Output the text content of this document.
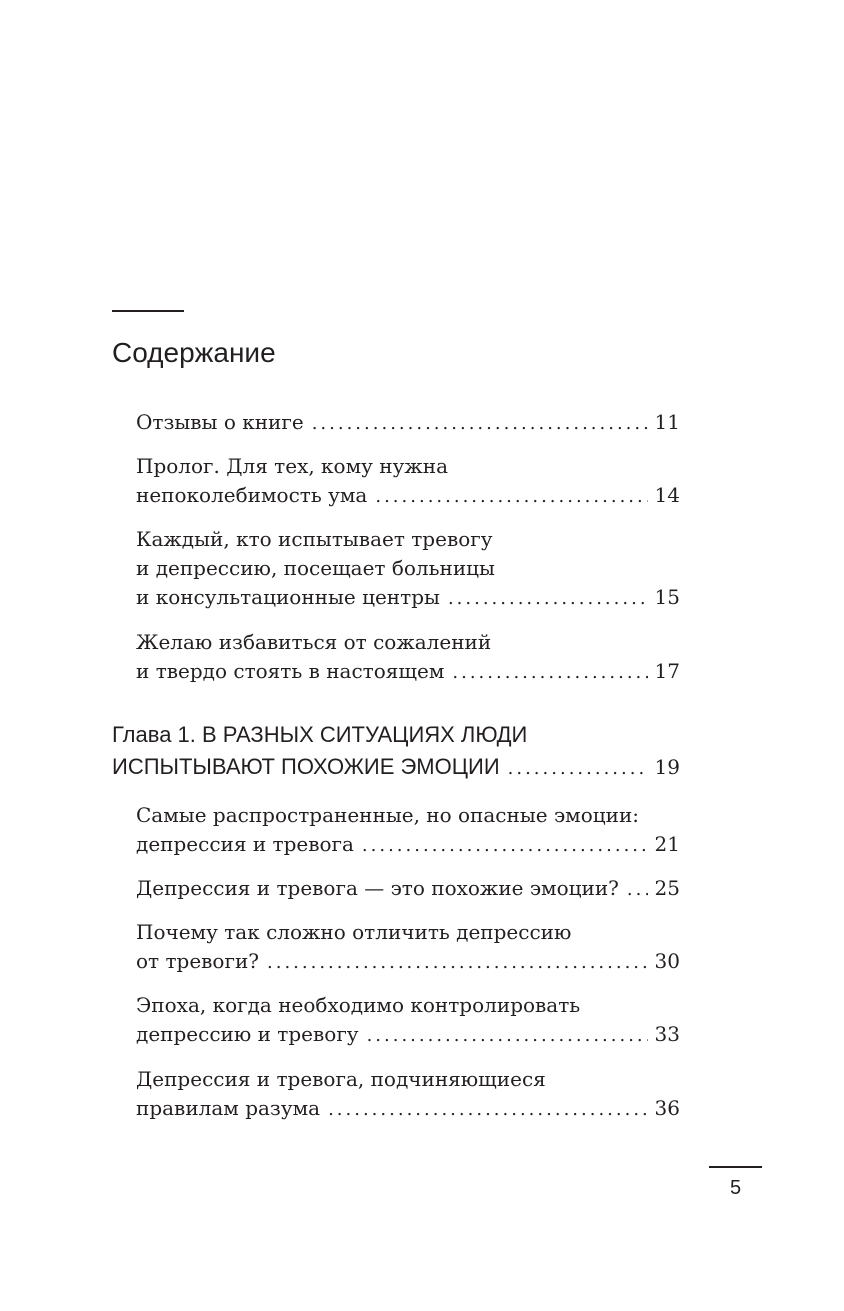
Содержание
Отзывы о книге .....	11
Пролог. Для тех, кому нужна
непоколебимость ума .....	14
Каждый, кто испытывает тревогу
и депрессию, посещает больницы
и консультационные центры .....	15
Желаю избавиться от сожалений
и твердо стоять в настоящем .....	17
Глава 1. В РАЗНЫХ СИТУАЦИЯХ ЛЮДИ
ИСПЫТЫВАЮТ ПОХОЖИЕ ЭМОЦИИ .....	19
Самые распространенные, но опасные эмоции:
депрессия и тревога .....	21
Депрессия и тревога — это похожие эмоции? ..... 25
Почему так сложно отличить депрессию
от тревоги? .....	30
Эпоха, когда необходимо контролировать
депрессию и тревогу .....	33
Депрессия и тревога, подчиняющиеся
правилам разума .....	36
5
